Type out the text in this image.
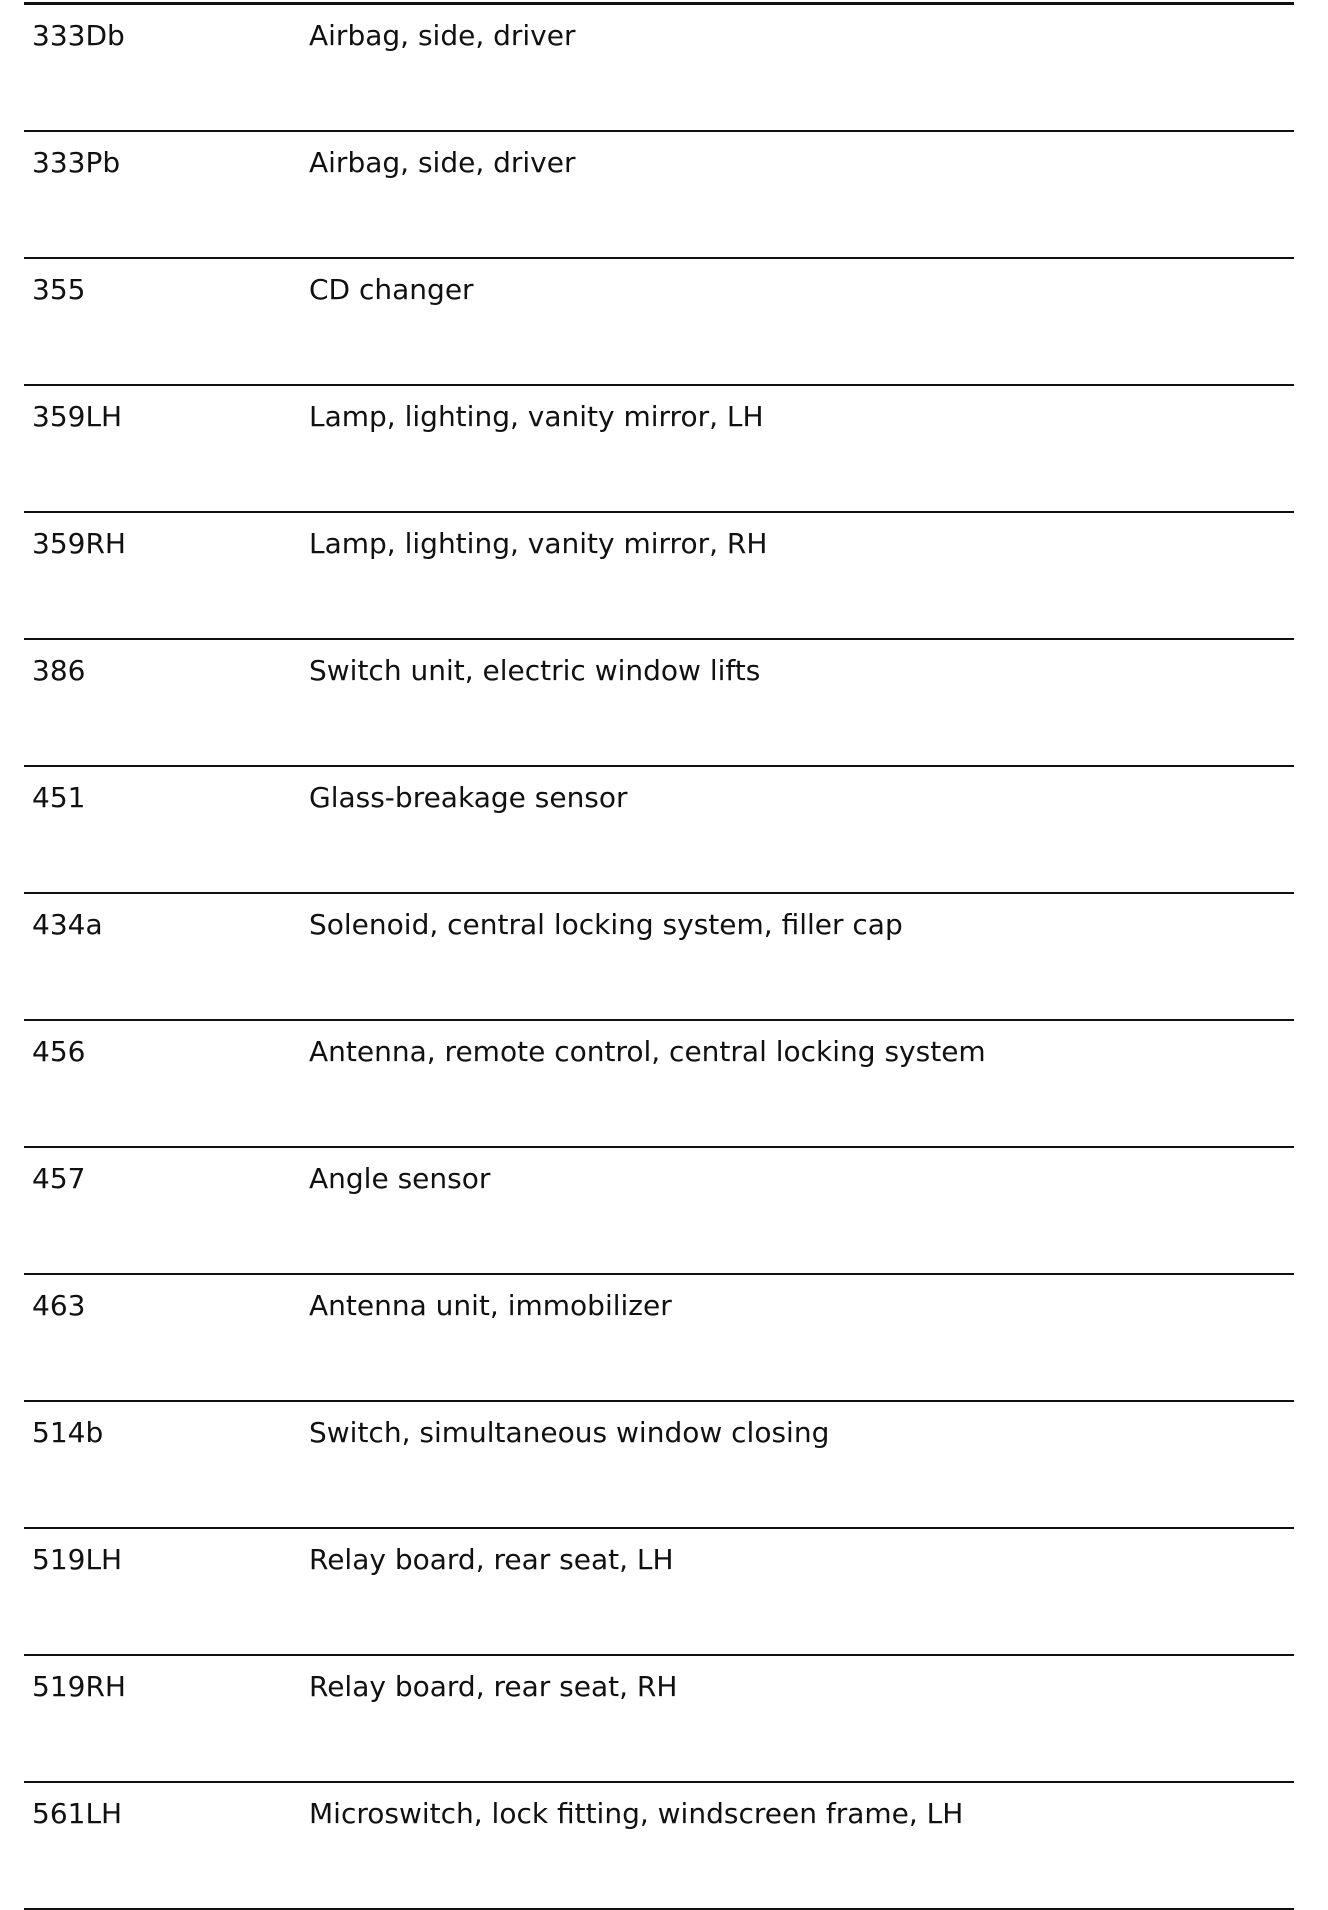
333Db	Airbag, side, driver
333Pb	Airbag, side, driver
355	CD changer
359LH	Lamp, lighting, vanity mirror, LH
359RH	Lamp, lighting, vanity mirror, RH
386	Switch unit, electric window lifts
451	Glass-breakage sensor
434a	Solenoid, central locking system, filler cap
456	Antenna, remote control, central locking system
457	Angle sensor
463	Antenna unit, immobilizer
514b	Switch, simultaneous window closing
519LH	Relay board, rear seat, LH
519RH	Relay board, rear seat, RH
561LH	Microswitch, lock fitting, windscreen frame, LH
